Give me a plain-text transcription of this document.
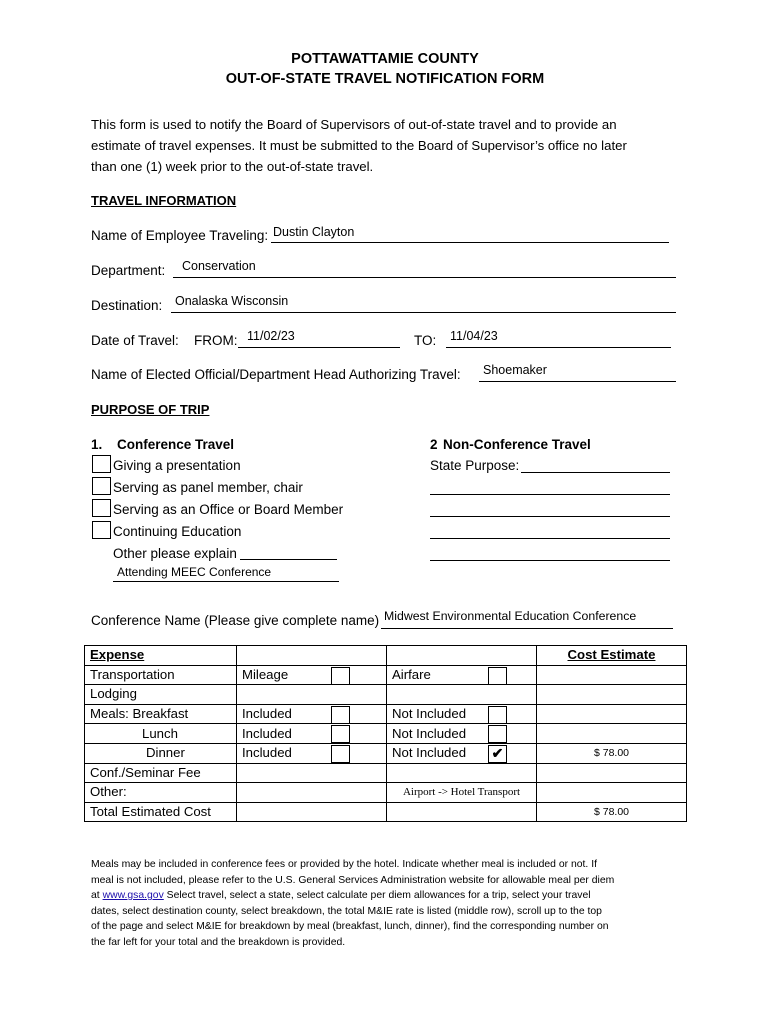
POTTAWATTAMIE COUNTY
OUT-OF-STATE TRAVEL NOTIFICATION FORM
This form is used to notify the Board of Supervisors of out-of-state travel and to provide an
estimate of travel expenses. It must be submitted to the Board of Supervisor’s office no later
than one (1) week prior to the out-of-state travel.
TRAVEL INFORMATION
Name of Employee Traveling: Dustin Clayton
Department: Conservation
Destination: Onalaska Wisconsin
Date of Travel: FROM: 11/02/23	TO: 11/04/23
Name of Elected Official/Department Head Authorizing Travel: Shoemaker
PURPOSE OF TRIP
1. Conference Travel
Giving a presentation
Serving as panel member, chair
Serving as an Office or Board Member
Continuing Education
Other please explain
Attending MEEC Conference
2 Non-Conference Travel
State Purpose:
Conference Name (Please give complete name) Midwest Environmental Education Conference
Expense			Cost Estimate
Transportation	Mileage	Airfare

Lodging			
Meals: Breakfast	Included	Not Included

Lunch	Included	Not Included

Dinner	Included	Not Included ✔	$ 78.00
Conf./Seminar Fee			
Other:		Airport -> Hotel Transport	
Total Estimated Cost			$ 78.00
Meals may be included in conference fees or provided by the hotel. Indicate whether meal is included or not. If
meal is not included, please refer to the U.S. General Services Administration website for allowable meal per diem
at www.gsa.gov Select travel, select a state, select calculate per diem allowances for a trip, select your travel
dates, select destination county, select breakdown, the total M&IE rate is listed (middle row), scroll up to the top
of the page and select M&IE for breakdown by meal (breakfast, lunch, dinner), find the corresponding number on
the far left for your total and the breakdown is provided.
